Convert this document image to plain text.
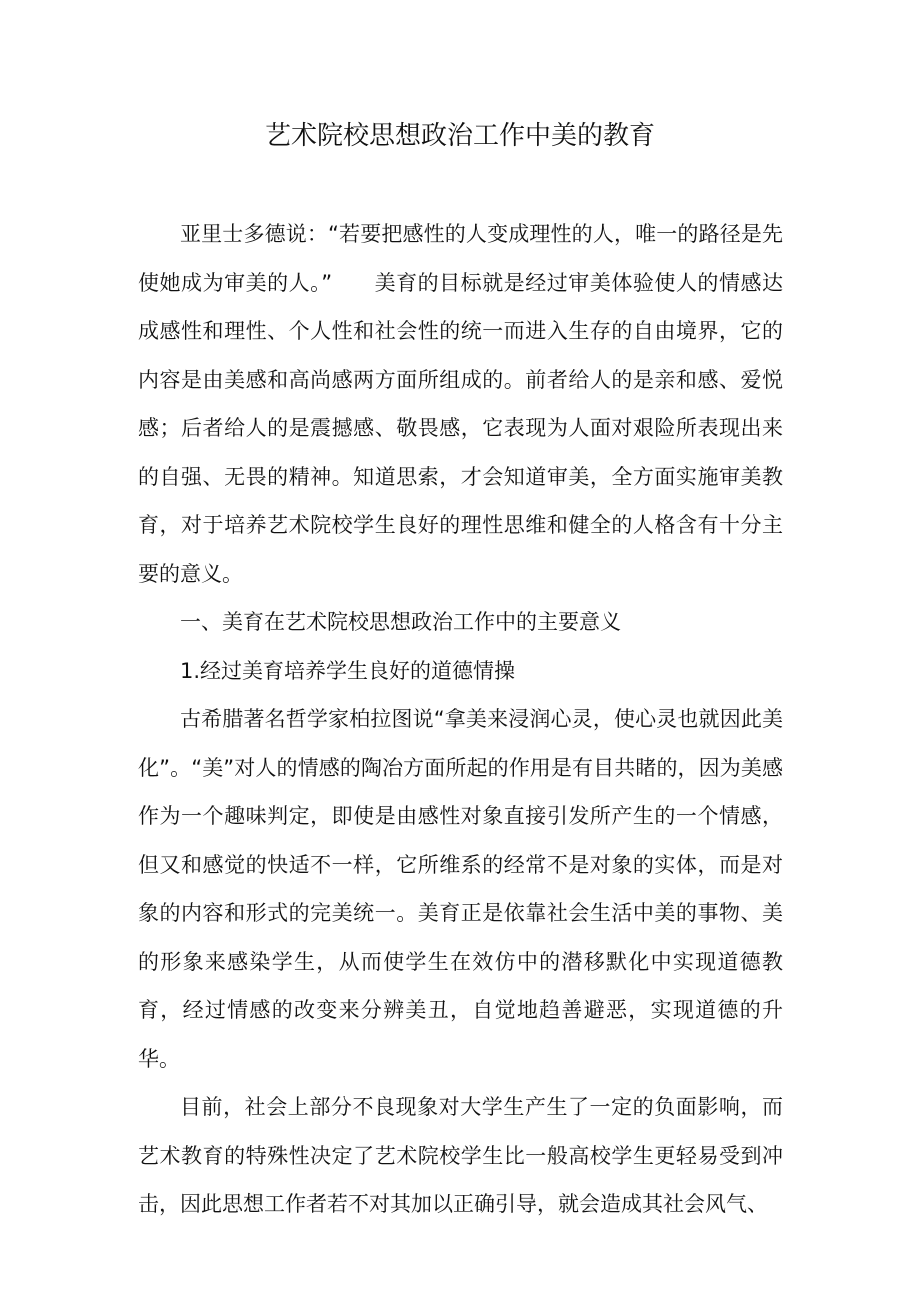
艺术院校思想政治工作中美的教育

亚里士多德说：“若要把感性的人变成理性的人，唯一的路径是先使她成为审美的人。” 美育的目标就是经过审美体验使人的情感达成感性和理性、个人性和社会性的统一而进入生存的自由境界，它的内容是由美感和高尚感两方面所组成的。前者给人的是亲和感、爱悦感；后者给人的是震撼感、敬畏感，它表现为人面对艰险所表现出来的自强、无畏的精神。知道思索，才会知道审美，全方面实施审美教育，对于培养艺术院校学生良好的理性思维和健全的人格含有十分主要的意义。

一、美育在艺术院校思想政治工作中的主要意义

1.经过美育培养学生良好的道德情操

古希腊著名哲学家柏拉图说“拿美来浸润心灵，使心灵也就因此美化”。“美”对人的情感的陶冶方面所起的作用是有目共睹的，因为美感作为一个趣味判定，即使是由感性对象直接引发所产生的一个情感，但又和感觉的快适不一样，它所维系的经常不是对象的实体，而是对象的内容和形式的完美统一。美育正是依靠社会生活中美的事物、美的形象来感染学生，从而使学生在效仿中的潜移默化中实现道德教育，经过情感的改变来分辨美丑，自觉地趋善避恶，实现道德的升华。

目前，社会上部分不良现象对大学生产生了一定的负面影响，而艺术教育的特殊性决定了艺术院校学生比一般高校学生更轻易受到冲击，因此思想工作者若不对其加以正确引导，就会造成其社会风气、
